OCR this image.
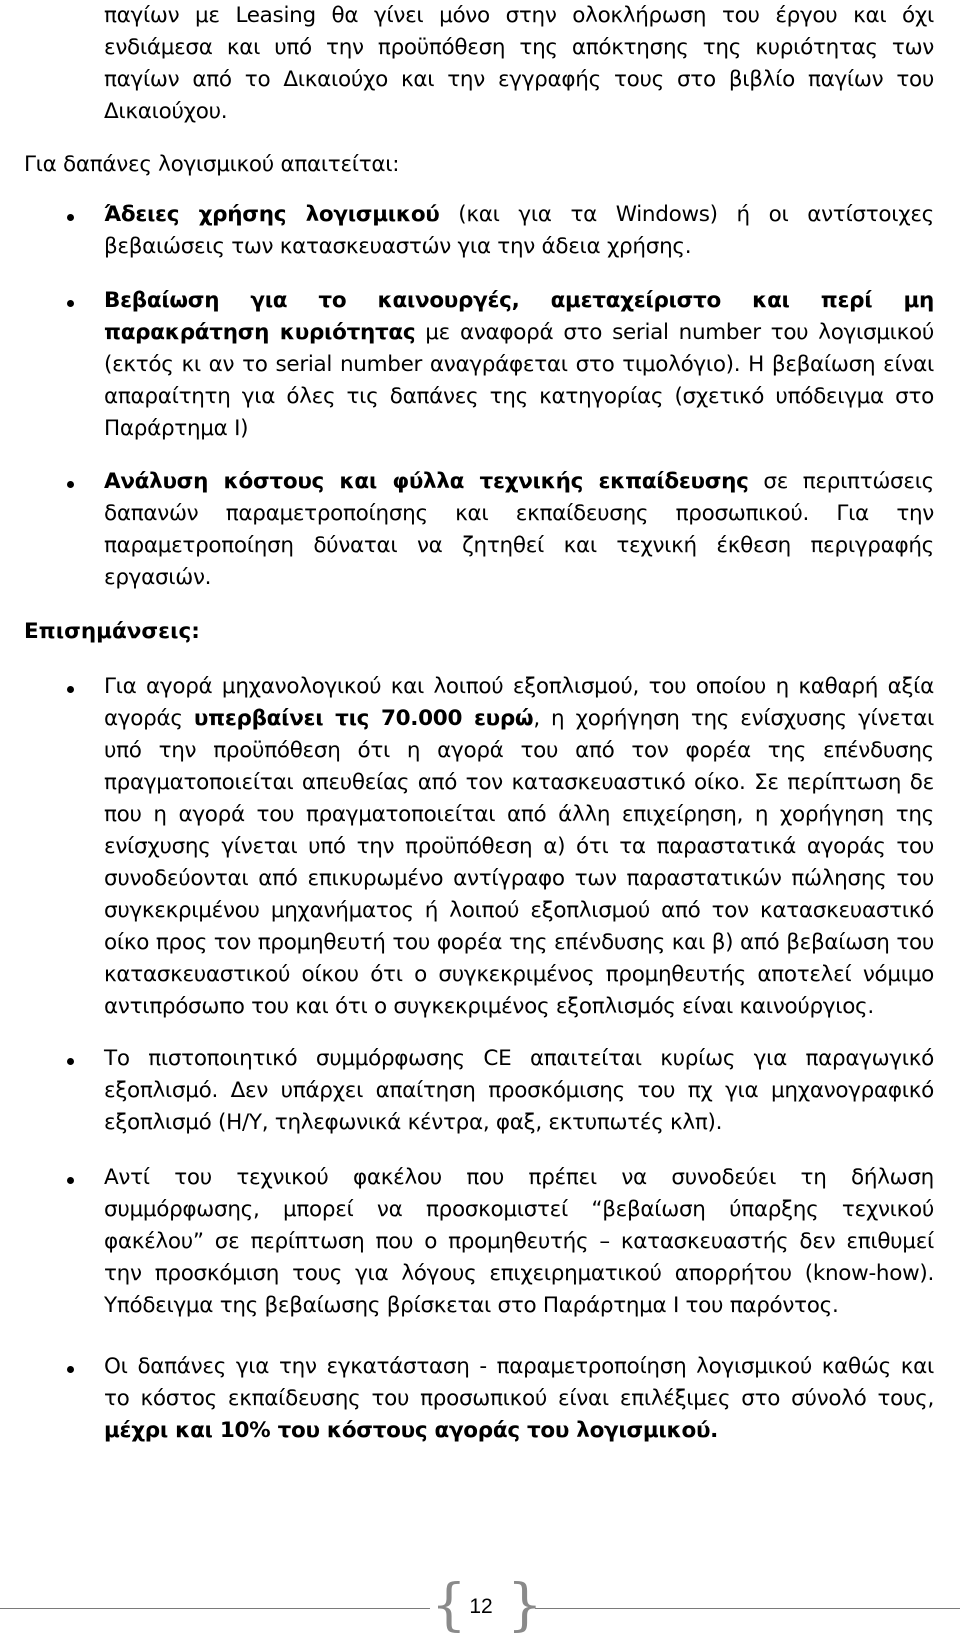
παγίων με Leasing θα γίνει μόνο στην ολοκλήρωση του έργου και όχι ενδιάμεσα και υπό την προϋπόθεση της απόκτησης της κυριότητας των παγίων από το Δικαιούχο και την εγγραφής τους στο βιβλίο παγίων του Δικαιούχου.

Για δαπάνες λογισμικού απαιτείται:

Άδειες χρήσης λογισμικού (και για τα Windows) ή οι αντίστοιχες βεβαιώσεις των κατασκευαστών για την άδεια χρήσης.

Βεβαίωση για το καινουργές, αμεταχείριστο και περί μη παρακράτηση κυριότητας με αναφορά στο serial number του λογισμικού (εκτός κι αν το serial number αναγράφεται στο τιμολόγιο). Η βεβαίωση είναι απαραίτητη για όλες τις δαπάνες της κατηγορίας (σχετικό υπόδειγμα στο Παράρτημα Ι)

Ανάλυση κόστους και φύλλα τεχνικής εκπαίδευσης σε περιπτώσεις δαπανών παραμετροποίησης και εκπαίδευσης προσωπικού. Για την παραμετροποίηση δύναται να ζητηθεί και τεχνική έκθεση περιγραφής εργασιών.

Επισημάνσεις:

Για αγορά μηχανολογικού και λοιπού εξοπλισμού, του οποίου η καθαρή αξία αγοράς υπερβαίνει τις 70.000 ευρώ, η χορήγηση της ενίσχυσης γίνεται υπό την προϋπόθεση ότι η αγορά του από τον φορέα της επένδυσης πραγματοποιείται απευθείας από τον κατασκευαστικό οίκο. Σε περίπτωση δε που η αγορά του πραγματοποιείται από άλλη επιχείρηση, η χορήγηση της ενίσχυσης γίνεται υπό την προϋπόθεση α) ότι τα παραστατικά αγοράς του συνοδεύονται από επικυρωμένο αντίγραφο των παραστατικών πώλησης του συγκεκριμένου μηχανήματος ή λοιπού εξοπλισμού από τον κατασκευαστικό οίκο προς τον προμηθευτή του φορέα της επένδυσης και β) από βεβαίωση του κατασκευαστικού οίκου ότι ο συγκεκριμένος προμηθευτής αποτελεί νόμιμο αντιπρόσωπο του και ότι ο συγκεκριμένος εξοπλισμός είναι καινούργιος.

Το πιστοποιητικό συμμόρφωσης CE απαιτείται κυρίως για παραγωγικό εξοπλισμό. Δεν υπάρχει απαίτηση προσκόμισης του πχ για μηχανογραφικό εξοπλισμό (Η/Υ, τηλεφωνικά κέντρα, φαξ, εκτυπωτές κλπ).

Αντί του τεχνικού φακέλου που πρέπει να συνοδεύει τη δήλωση συμμόρφωσης, μπορεί να προσκομιστεί “βεβαίωση ύπαρξης τεχνικού φακέλου” σε περίπτωση που ο προμηθευτής – κατασκευαστής δεν επιθυμεί την προσκόμιση τους για λόγους επιχειρηματικού απορρήτου (know-how). Υπόδειγμα της βεβαίωσης βρίσκεται στο Παράρτημα Ι του παρόντος.

Οι δαπάνες για την εγκατάσταση - παραμετροποίηση λογισμικού καθώς και το κόστος εκπαίδευσης του προσωπικού είναι επιλέξιμες στο σύνολό τους, μέχρι και 10% του κόστους αγοράς του λογισμικού.

{ }
12
